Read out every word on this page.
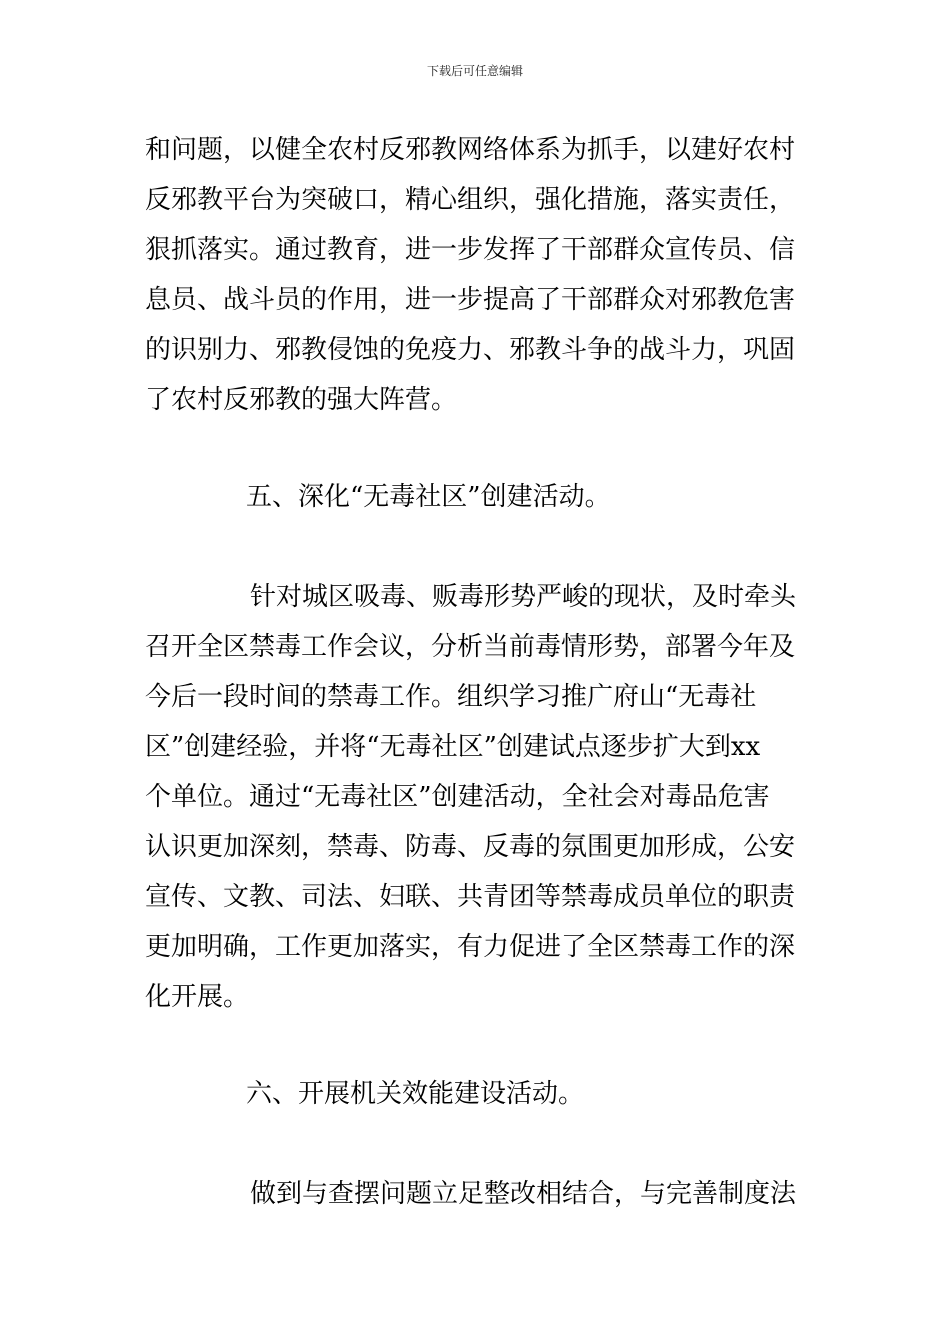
下载后可任意编辑
和问题，以健全农村反邪教网络体系为抓手，以建好农村
反邪教平台为突破口，精心组织，强化措施，落实责任，
狠抓落实。通过教育，进一步发挥了干部群众宣传员、信
息员、战斗员的作用，进一步提高了干部群众对邪教危害
的识别力、邪教侵蚀的免疫力、邪教斗争的战斗力，巩固
了农村反邪教的强大阵营。
五、深化“无毒社区”创建活动。
针对城区吸毒、贩毒形势严峻的现状，及时牵头
召开全区禁毒工作会议，分析当前毒情形势，部署今年及
今后一段时间的禁毒工作。组织学习推广府山“无毒社
区”创建经验，并将“无毒社区”创建试点逐步扩大到xx
个单位。通过“无毒社区”创建活动，全社会对毒品危害
认识更加深刻，禁毒、防毒、反毒的氛围更加形成，公安
宣传、文教、司法、妇联、共青团等禁毒成员单位的职责
更加明确，工作更加落实，有力促进了全区禁毒工作的深
化开展。
六、开展机关效能建设活动。
做到与查摆问题立足整改相结合，与完善制度法
